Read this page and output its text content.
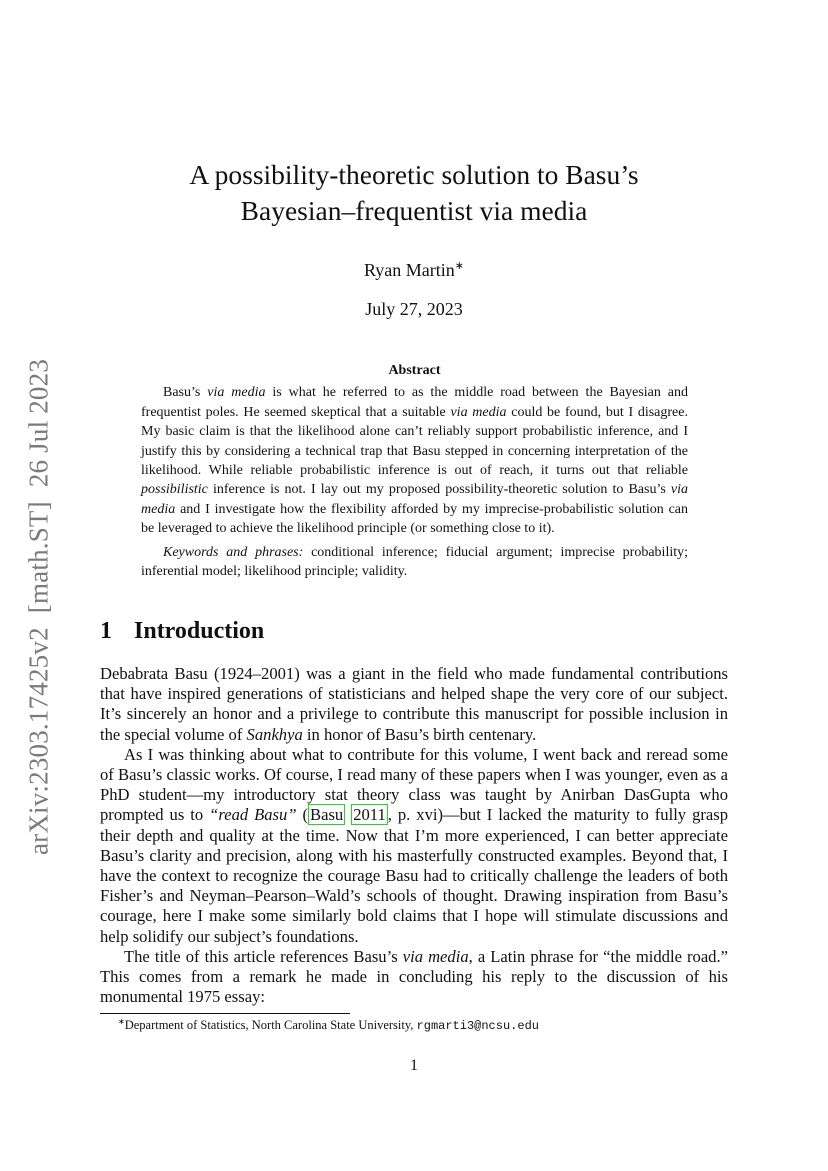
arXiv:2303.17425v2[math.ST]26 Jul 2023
A possibility-theoretic solution to Basu’s
Bayesian–frequentist via media
Ryan Martin∗
July 27, 2023
Abstract

Basu’s via media is what he referred to as the middle road between the Bayesian and frequentist poles. He seemed skeptical that a suitable via media could be found, but I disagree. My basic claim is that the likelihood alone can’t reliably support probabilistic inference, and I justify this by considering a technical trap that Basu stepped in concerning interpretation of the likelihood. While reliable probabilistic inference is out of reach, it turns out that reliable possibilistic inference is not. I lay out my proposed possibility-theoretic solution to Basu’s via media and I investigate how the flexibility afforded by my imprecise-probabilistic solution can be leveraged to achieve the likelihood principle (or something close to it).

Keywords and phrases: conditional inference; fiducial argument; imprecise probability; inferential model; likelihood principle; validity.

1 Introduction

Debabrata Basu (1924–2001) was a giant in the field who made fundamental contributions that have inspired generations of statisticians and helped shape the very core of our subject. It’s sincerely an honor and a privilege to contribute this manuscript for possible inclusion in the special volume of Sankhya in honor of Basu’s birth centenary.

As I was thinking about what to contribute for this volume, I went back and reread some of Basu’s classic works. Of course, I read many of these papers when I was younger, even as a PhD student—my introductory stat theory class was taught by Anirban DasGupta who prompted us to “read Basu” ( Basu 2011 , p. xvi)—but I lacked the maturity to fully grasp their depth and quality at the time. Now that I’m more experienced, I can better appreciate Basu’s clarity and precision, along with his masterfully constructed examples. Beyond that, I have the context to recognize the courage Basu had to critically challenge the leaders of both Fisher’s and Neyman–Pearson–Wald’s schools of thought. Drawing inspiration from Basu’s courage, here I make some similarly bold claims that I hope will stimulate discussions and help solidify our subject’s foundations.

The title of this article references Basu’s via media, a Latin phrase for “the middle road.” This comes from a remark he made in concluding his reply to the discussion of his monumental 1975 essay:

∗Department of Statistics, North Carolina State University, rgmarti3@ncsu.edu
1
